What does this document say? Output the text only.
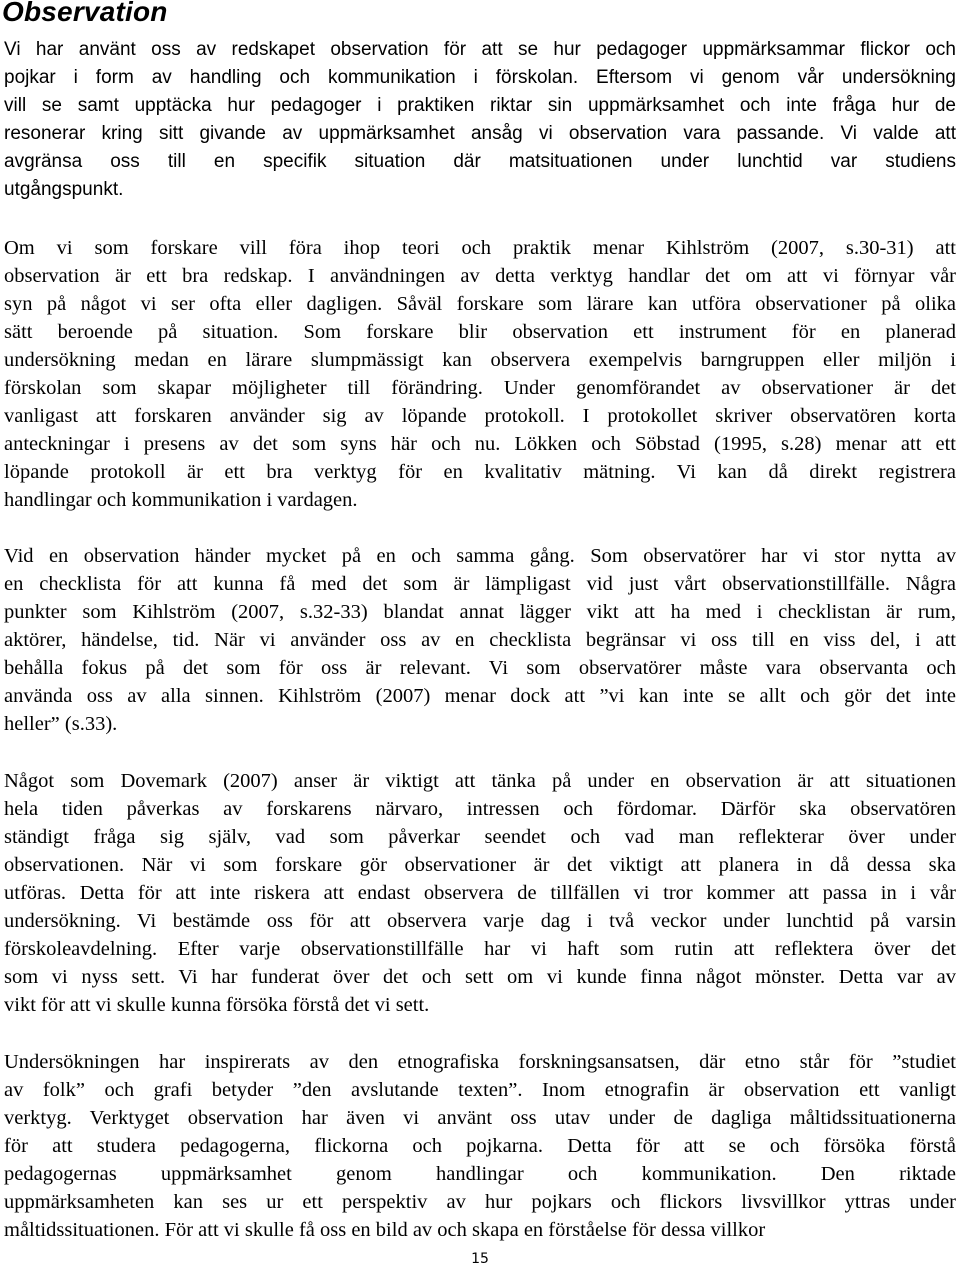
Observation
Vi har använt oss av redskapet observation för att se hur pedagoger uppmärksammar flickor och
pojkar i form av handling och kommunikation i förskolan. Eftersom vi genom vår undersökning
vill se samt upptäcka hur pedagoger i praktiken riktar sin uppmärksamhet och inte fråga hur de
resonerar kring sitt givande av uppmärksamhet ansåg vi observation vara passande. Vi valde att
avgränsa oss till en specifik situation där matsituationen under lunchtid var studiens
utgångspunkt.
Om vi som forskare vill föra ihop teori och praktik menar Kihlström (2007, s.30-31) att
observation är ett bra redskap. I användningen av detta verktyg handlar det om att vi förnyar vår
syn på något vi ser ofta eller dagligen. Såväl forskare som lärare kan utföra observationer på olika
sätt beroende på situation. Som forskare blir observation ett instrument för en planerad
undersökning medan en lärare slumpmässigt kan observera exempelvis barngruppen eller miljön i
förskolan som skapar möjligheter till förändring. Under genomförandet av observationer är det
vanligast att forskaren använder sig av löpande protokoll. I protokollet skriver observatören korta
anteckningar i presens av det som syns här och nu. Lökken och Söbstad (1995, s.28) menar att ett
löpande protokoll är ett bra verktyg för en kvalitativ mätning. Vi kan då direkt registrera
handlingar och kommunikation i vardagen.
Vid en observation händer mycket på en och samma gång. Som observatörer har vi stor nytta av
en checklista för att kunna få med det som är lämpligast vid just vårt observationstillfälle. Några
punkter som Kihlström (2007, s.32-33) blandat annat lägger vikt att ha med i checklistan är rum,
aktörer, händelse, tid. När vi använder oss av en checklista begränsar vi oss till en viss del, i att
behålla fokus på det som för oss är relevant. Vi som observatörer måste vara observanta och
använda oss av alla sinnen. Kihlström (2007) menar dock att ”vi kan inte se allt och gör det inte
heller” (s.33).
Något som Dovemark (2007) anser är viktigt att tänka på under en observation är att situationen
hela tiden påverkas av forskarens närvaro, intressen och fördomar. Därför ska observatören
ständigt fråga sig själv, vad som påverkar seendet och vad man reflekterar över under
observationen. När vi som forskare gör observationer är det viktigt att planera in då dessa ska
utföras. Detta för att inte riskera att endast observera de tillfällen vi tror kommer att passa in i vår
undersökning. Vi bestämde oss för att observera varje dag i två veckor under lunchtid på varsin
förskoleavdelning. Efter varje observationstillfälle har vi haft som rutin att reflektera över det
som vi nyss sett. Vi har funderat över det och sett om vi kunde finna något mönster. Detta var av
vikt för att vi skulle kunna försöka förstå det vi sett.
Undersökningen har inspirerats av den etnografiska forskningsansatsen, där etno står för ”studiet
av folk” och grafi betyder ”den avslutande texten”. Inom etnografin är observation ett vanligt
verktyg. Verktyget observation har även vi använt oss utav under de dagliga måltidssituationerna
för att studera pedagogerna, flickorna och pojkarna. Detta för att se och försöka förstå
pedagogernas uppmärksamhet genom handlingar och kommunikation. Den riktade
uppmärksamheten kan ses ur ett perspektiv av hur pojkars och flickors livsvillkor yttras under
måltidssituationen. För att vi skulle få oss en bild av och skapa en förståelse för dessa villkor
15
